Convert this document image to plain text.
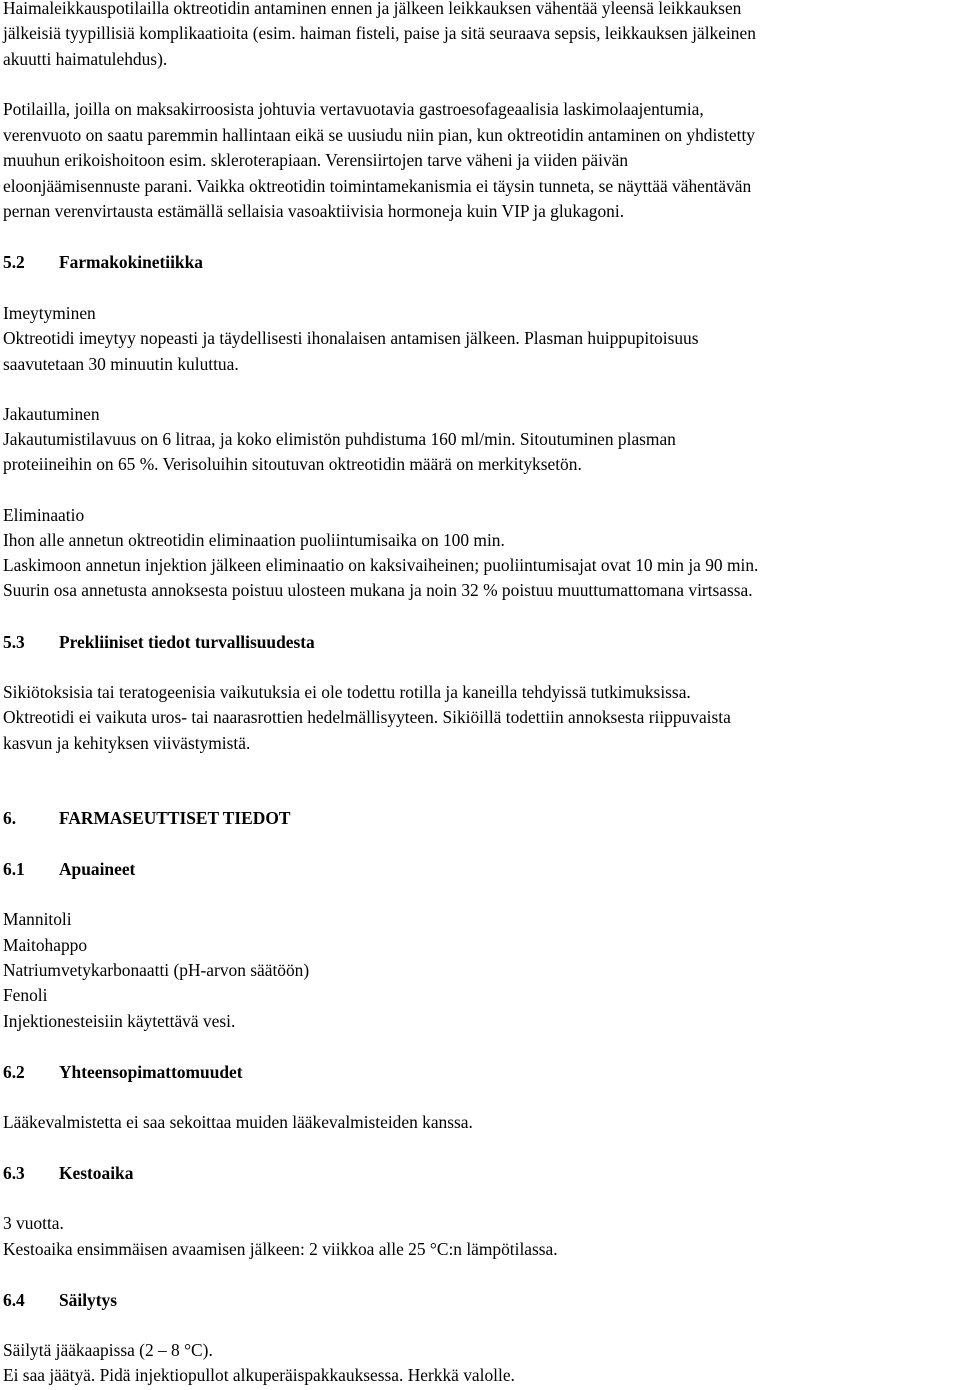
Haimaleikkauspotilailla oktreotidin antaminen ennen ja jälkeen leikkauksen vähentää yleensä leikkauksen
jälkeisiä tyypillisiä komplikaatioita (esim. haiman fisteli, paise ja sitä seuraava sepsis, leikkauksen jälkeinen
akuutti haimatulehdus).
Potilailla, joilla on maksakirroosista johtuvia vertavuotavia gastroesofageaalisia laskimolaajentumia,
verenvuoto on saatu paremmin hallintaan eikä se uusiudu niin pian, kun oktreotidin antaminen on yhdistetty
muuhun erikoishoitoon esim. skleroterapiaan. Verensiirtojen tarve väheni ja viiden päivän
eloonjäämisennuste parani. Vaikka oktreotidin toimintamekanismia ei täysin tunneta, se näyttää vähentävän
pernan verenvirtausta estämällä sellaisia vasoaktiivisia hormoneja kuin VIP ja glukagoni.
5.2 Farmakokinetiikka
Imeytyminen
Oktreotidi imeytyy nopeasti ja täydellisesti ihonalaisen antamisen jälkeen. Plasman huippupitoisuus
saavutetaan 30 minuutin kuluttua.
Jakautuminen
Jakautumistilavuus on 6 litraa, ja koko elimistön puhdistuma 160 ml/min. Sitoutuminen plasman
proteiineihin on 65 %. Verisoluihin sitoutuvan oktreotidin määrä on merkityksetön.
Eliminaatio
Ihon alle annetun oktreotidin eliminaation puoliintumisaika on 100 min.
Laskimoon annetun injektion jälkeen eliminaatio on kaksivaiheinen; puoliintumisajat ovat 10 min ja 90 min.
Suurin osa annetusta annoksesta poistuu ulosteen mukana ja noin 32 % poistuu muuttumattomana virtsassa.
5.3 Prekliiniset tiedot turvallisuudesta
Sikiötoksisia tai teratogeenisia vaikutuksia ei ole todettu rotilla ja kaneilla tehdyissä tutkimuksissa.
Oktreotidi ei vaikuta uros- tai naarasrottien hedelmällisyyteen. Sikiöillä todettiin annoksesta riippuvaista
kasvun ja kehityksen viivästymistä.
6. FARMASEUTTISET TIEDOT
6.1 Apuaineet
Mannitoli
Maitohappo
Natriumvetykarbonaatti (pH-arvon säätöön)
Fenoli
Injektionesteisiin käytettävä vesi.
6.2 Yhteensopimattomuudet
Lääkevalmistetta ei saa sekoittaa muiden lääkevalmisteiden kanssa.
6.3 Kestoaika
3 vuotta.
Kestoaika ensimmäisen avaamisen jälkeen: 2 viikkoa alle 25 °C:n lämpötilassa.
6.4 Säilytys
Säilytä jääkaapissa (2 – 8 °C).
Ei saa jäätyä. Pidä injektiopullot alkuperäispakkauksessa. Herkkä valolle.
